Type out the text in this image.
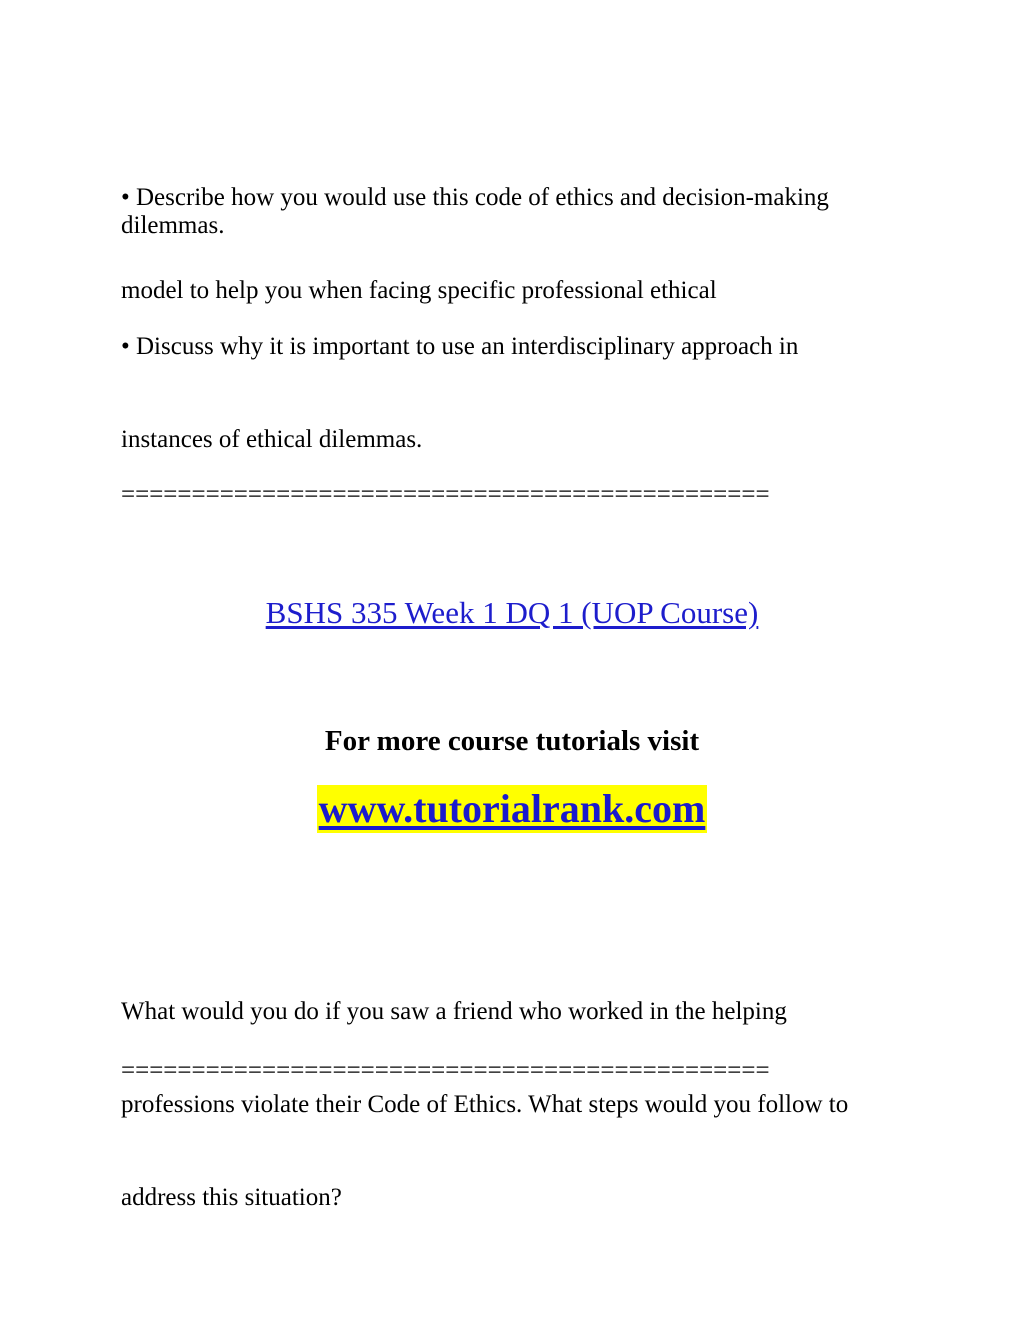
• Describe how you would use this code of ethics and decision-making

model to help you when facing specific professional ethical

dilemmas.

• Discuss why it is important to use an interdisciplinary approach in

instances of ethical dilemmas.

==============================================
BSHS 335 Week 1 DQ 1 (UOP Course)
For more course tutorials visit
www.tutorialrank.com

What would you do if you saw a friend who worked in the helping

professions violate their Code of Ethics. What steps would you follow to

address this situation?

==============================================
